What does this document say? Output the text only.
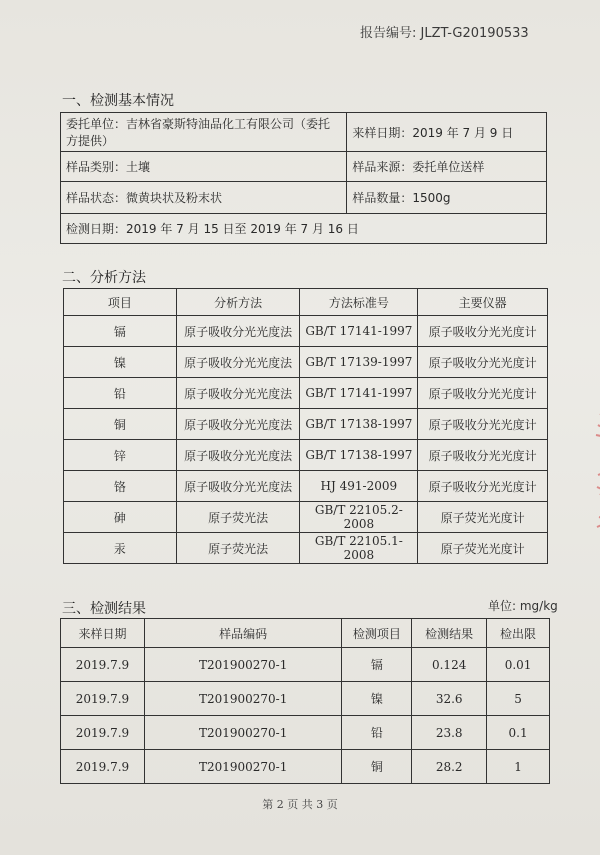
报告编号: JLZT-G20190533
一、检测基本情况
委托单位：吉林省豪斯特油品化工有限公司（委托方提供）	来样日期：2019 年 7 月 9 日
样品类别：土壤	样品来源：委托单位送样
样品状态：微黄块状及粉末状	样品数量：1500g
检测日期：2019 年 7 月 15 日至 2019 年 7 月 16 日	
二、分析方法
项目	分析方法	方法标准号	主要仪器
镉	原子吸收分光光度法	GB/T 17141-1997	原子吸收分光光度计
镍	原子吸收分光光度法	GB/T 17139-1997	原子吸收分光光度计
铅	原子吸收分光光度法	GB/T 17141-1997	原子吸收分光光度计
铜	原子吸收分光光度法	GB/T 17138-1997	原子吸收分光光度计
锌	原子吸收分光光度法	GB/T 17138-1997	原子吸收分光光度计
铬	原子吸收分光光度法	HJ 491-2009	原子吸收分光光度计
砷	原子荧光法	GB/T 22105.2-2008	原子荧光光度计
汞	原子荧光法	GB/T 22105.1-2008	原子荧光光度计
三、检测结果	单位: mg/kg
来样日期	样品编码	检测项目	检测结果	检出限
2019.7.9	T201900270-1	镉	0.124	0.01
2019.7.9	T201900270-1	镍	32.6	5
2019.7.9	T201900270-1	铅	23.8	0.1
2019.7.9	T201900270-1	铜	28.2	1
第 2 页 共 3 页
